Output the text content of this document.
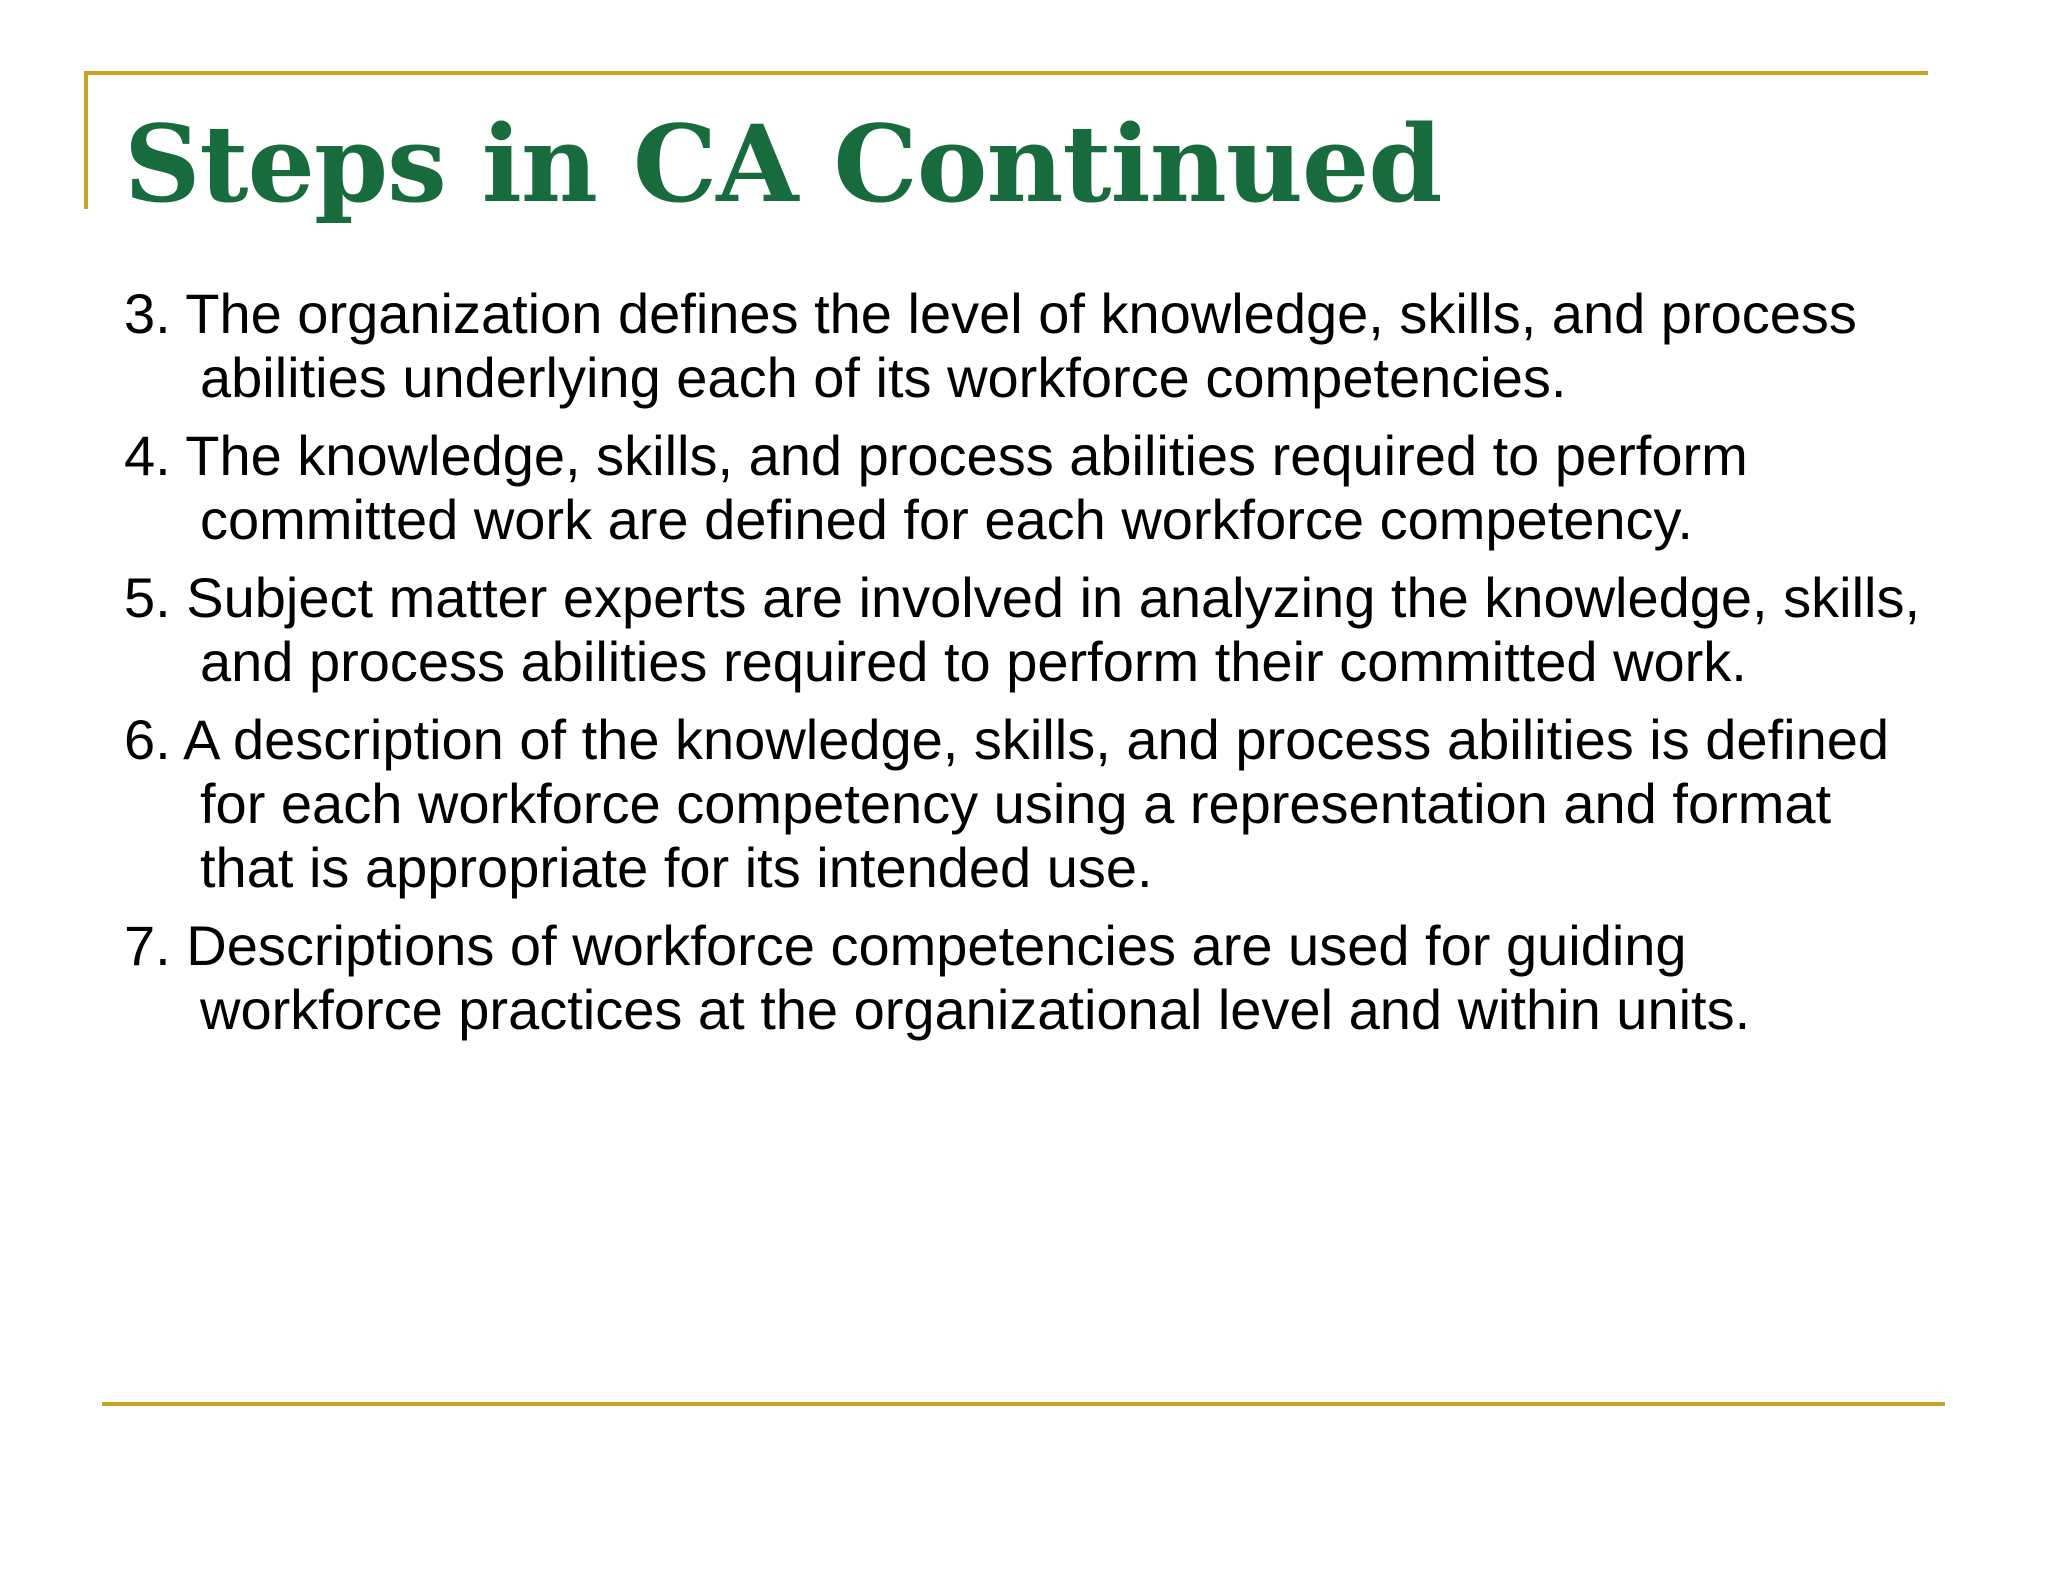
Steps in CA Continued
3. The organization defines the level of knowledge, skills, and process abilities underlying each of its workforce competencies.
4. The knowledge, skills, and process abilities required to perform committed work are defined for each workforce competency.
5. Subject matter experts are involved in analyzing the knowledge, skills, and process abilities required to perform their committed work.
6. A description of the knowledge, skills, and process abilities is defined for each workforce competency using a representation and format that is appropriate for its intended use.
7. Descriptions of workforce competencies are used for guiding workforce practices at the organizational level and within units.
